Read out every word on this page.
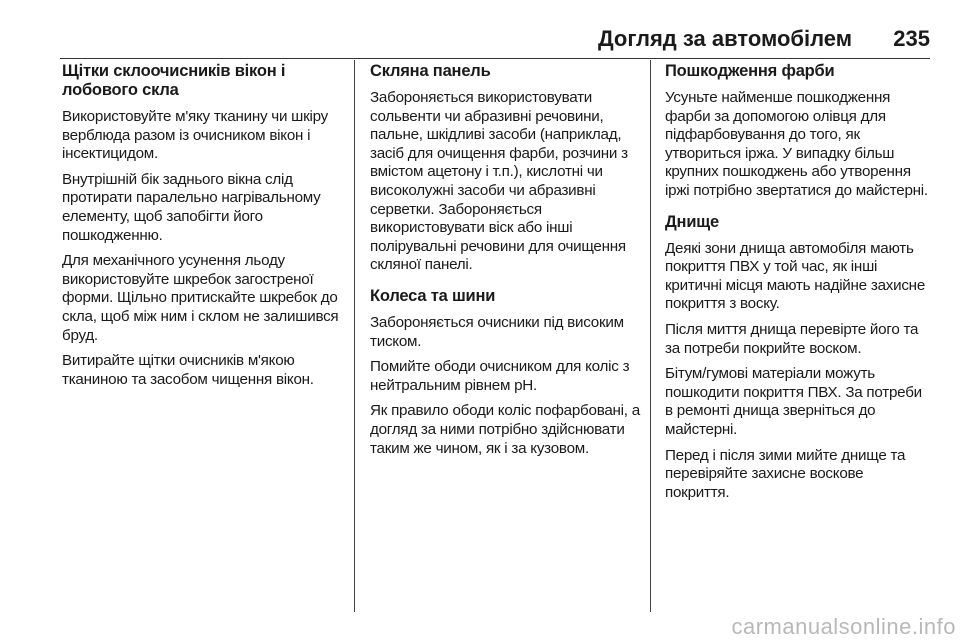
Догляд за автомобілем 235
Щітки склоочисників вікон і лобового скла

Використовуйте м'яку тканину чи шкіру верблюда разом із очисником вікон і інсектицидом.

Внутрішній бік заднього вікна слід протирати паралельно нагрівальному елементу, щоб запобігти його пошкодженню.

Для механічного усунення льоду використовуйте шкребок загостреної форми. Щільно притискайте шкребок до скла, щоб між ним і склом не залишився бруд.

Витирайте щітки очисників м'якою тканиною та засобом чищення вікон.

Скляна панель

Забороняється використовувати сольвенти чи абразивні речовини, пальне, шкідливі засоби (наприклад, засіб для очищення фарби, розчини з вмістом ацетону і т.п.), кислотні чи високолужні засоби чи абразивні серветки. Забороняється використовувати віск або інші полірувальні речовини для очищення скляної панелі.

Колеса та шини

Забороняється очисники під високим тиском.

Помийте ободи очисником для коліс з нейтральним рівнем pH.

Як правило ободи коліс пофарбовані, а догляд за ними потрібно здійснювати таким же чином, як і за кузовом.

Пошкодження фарби

Усуньте найменше пошкодження фарби за допомогою олівця для підфарбовування до того, як утвориться іржа. У випадку більш крупних пошкоджень або утворення іржі потрібно звертатися до майстерні.

Днище

Деякі зони днища автомобіля мають покриття ПВХ у той час, як інші критичні місця мають надійне захисне покриття з воску.

Після миття днища перевірте його та за потреби покрийте воском.

Бітум/гумові матеріали можуть пошкодити покриття ПВХ. За потреби в ремонті днища зверніться до майстерні.

Перед і після зими мийте днище та перевіряйте захисне воскове покриття.

carmanualsonline.info
